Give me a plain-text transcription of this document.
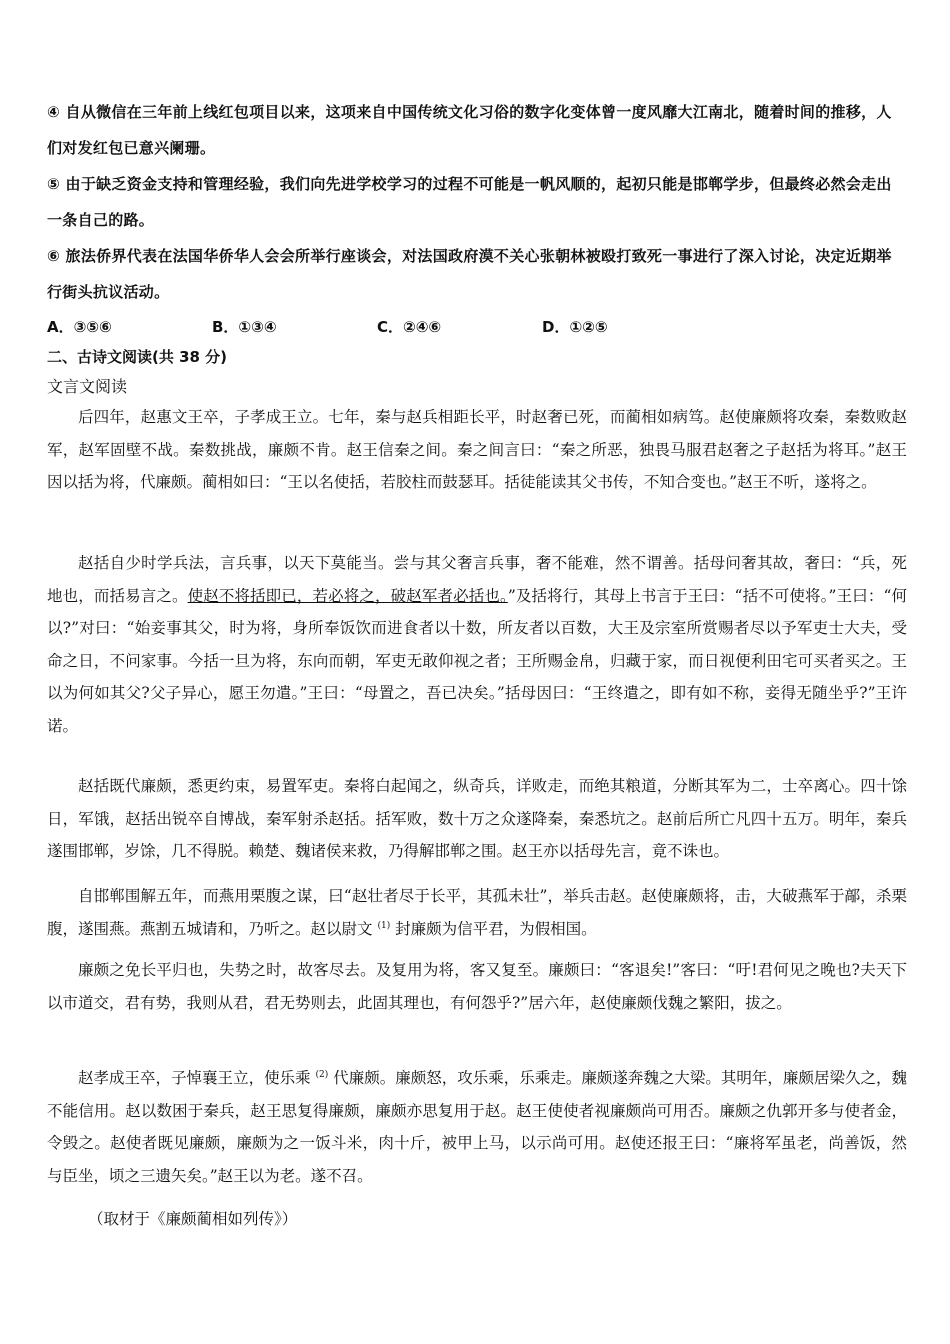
④ 自从微信在三年前上线红包项目以来，这项来自中国传统文化习俗的数字化变体曾一度风靡大江南北，随着时间的推移，人们对发红包已意兴阑珊。
⑤ 由于缺乏资金支持和管理经验，我们向先进学校学习的过程不可能是一帆风顺的，起初只能是邯郸学步，但最终必然会走出一条自己的路。
⑥ 旅法侨界代表在法国华侨华人会会所举行座谈会，对法国政府漠不关心张朝林被殴打致死一事进行了深入讨论，决定近期举行街头抗议活动。
A．③⑤⑥	B．①③④	C．②④⑥	D．①②⑤
二、古诗文阅读(共 38 分)
文言文阅读

后四年，赵惠文王卒，子孝成王立。七年，秦与赵兵相距长平，时赵奢已死，而蔺相如病笃。赵使廉颇将攻秦，秦数败赵军，赵军固壁不战。秦数挑战，廉颇不肯。赵王信秦之间。秦之间言曰：“秦之所恶，独畏马服君赵奢之子赵括为将耳。”赵王因以括为将，代廉颇。蔺相如曰：“王以名使括，若胶柱而鼓瑟耳。括徒能读其父书传，不知合变也。”赵王不听，遂将之。

赵括自少时学兵法，言兵事，以天下莫能当。尝与其父奢言兵事，奢不能难，然不谓善。括母问奢其故，奢曰：“兵，死地也，而括易言之。使赵不将括即已，若必将之，破赵军者必括也。”及括将行，其母上书言于王曰：“括不可使将。”王曰：“何以?”对曰：“始妾事其父，时为将，身所奉饭饮而进食者以十数，所友者以百数，大王及宗室所赏赐者尽以予军吏士大夫，受命之日，不问家事。今括一旦为将，东向而朝，军吏无敢仰视之者；王所赐金帛，归藏于家，而日视便利田宅可买者买之。王以为何如其父?父子异心，愿王勿遣。”王曰：“母置之，吾已决矣。”括母因曰：“王终遣之，即有如不称，妾得无随坐乎?”王许诺。

赵括既代廉颇，悉更约束，易置军吏。秦将白起闻之，纵奇兵，详败走，而绝其粮道，分断其军为二，士卒离心。四十馀日，军饿，赵括出锐卒自博战，秦军射杀赵括。括军败，数十万之众遂降秦，秦悉坑之。赵前后所亡凡四十五万。明年，秦兵遂围邯郸，岁馀，几不得脱。赖楚、魏诸侯来救，乃得解邯郸之围。赵王亦以括母先言，竟不诛也。

自邯郸围解五年，而燕用栗腹之谋，曰“赵壮者尽于长平，其孤未壮”，举兵击赵。赵使廉颇将，击，大破燕军于鄗，杀栗腹，遂围燕。燕割五城请和，乃听之。赵以尉文 $^{(1)}$ 封廉颇为信平君，为假相国。

廉颇之免长平归也，失势之时，故客尽去。及复用为将，客又复至。廉颇曰：“客退矣!”客曰：“吁!君何见之晚也?夫天下以市道交，君有势，我则从君，君无势则去，此固其理也，有何怨乎?”居六年，赵使廉颇伐魏之繁阳，拔之。

赵孝成王卒，子悼襄王立，使乐乘 $^{(2)}$ 代廉颇。廉颇怒，攻乐乘，乐乘走。廉颇遂奔魏之大梁。其明年，廉颇居梁久之，魏不能信用。赵以数困于秦兵，赵王思复得廉颇，廉颇亦思复用于赵。赵王使使者视廉颇尚可用否。廉颇之仇郭开多与使者金，令毁之。赵使者既见廉颇，廉颇为之一饭斗米，肉十斤，被甲上马，以示尚可用。赵使还报王曰：“廉将军虽老，尚善饭，然与臣坐，顷之三遗矢矣。”赵王以为老。遂不召。

（取材于《廉颇蔺相如列传》）
